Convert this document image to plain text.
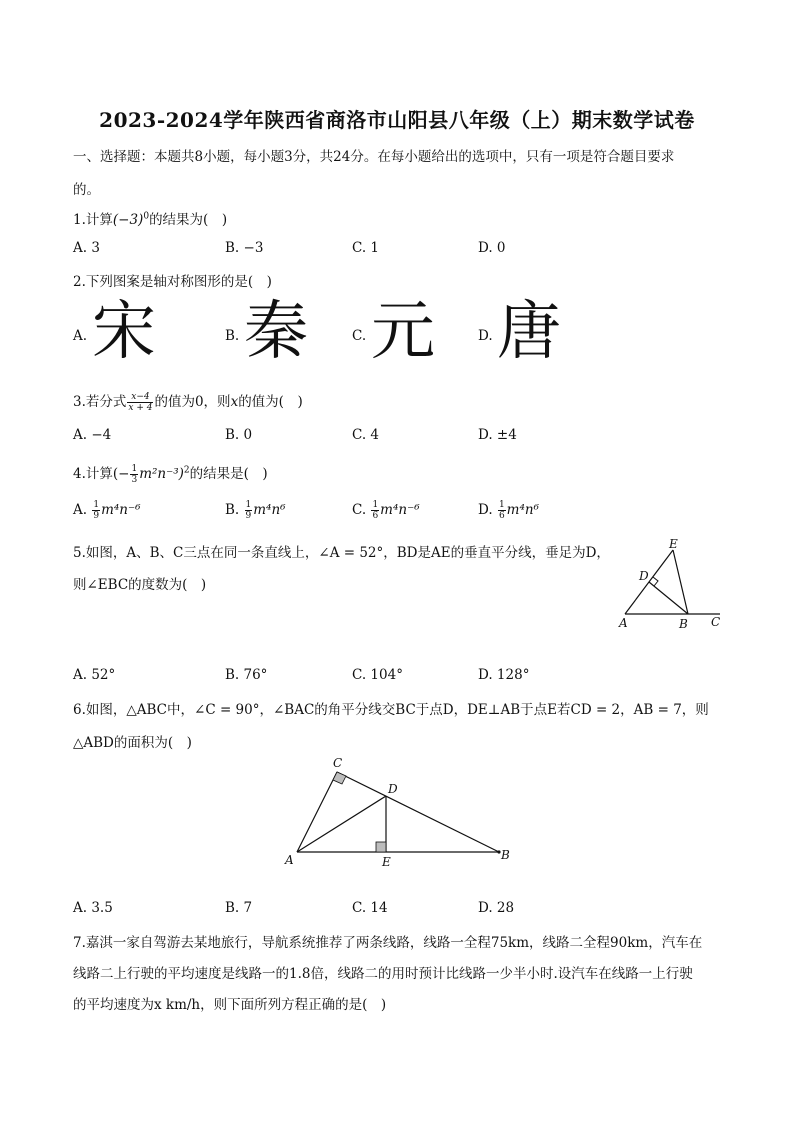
2023-2024学年陕西省商洛市山阳县八年级（上）期末数学试卷
一、选择题：本题共8小题，每小题3分，共24分。在每小题给出的选项中，只有一项是符合题目要求
的。
1.计算$(-3)^0$的结果为(　)
A. 3	B. −3	C. 1	D. 0
2.下列图案是轴对称图形的是(　)
A. 宋	B. 秦	C. 元	D. 唐
3.若分式 $\frac{x-4}{x + 4}$ 的值为0，则x的值为(　)
A. −4	B. 0	C. 4	D. ±4
4.计算(− $\frac{1}{3} m^2n^{-3})^2$的结果是(　)
A. $\frac{1}{9} m^4n^{-6}$	B. $\frac{1}{9} m^4n^6$	C. $\frac{1}{6} m^4n^{-6}$	D. $\frac{1}{6} m^4n^6$
5.如图，A、B、C三点在同一条直线上，∠A = 52°，BD是AE的垂直平分线，垂足为D，
则∠EBC的度数为(　)
E
D
A	B C
A. 52°	B. 76°	C. 104°	D. 128°
6.如图，△ABC中，∠C = 90°，∠BAC的角平分线交BC于点D，DE⊥AB于点E若CD = 2，AB = 7，则
△ABD的面积为(　)
C
D
A	E	B
A. 3.5	B. 7	C. 14	D. 28
7.嘉淇一家自驾游去某地旅行，导航系统推荐了两条线路，线路一全程75km，线路二全程90km，汽车在
线路二上行驶的平均速度是线路一的1.8倍，线路二的用时预计比线路一少半小时.设汽车在线路一上行驶
的平均速度为x km/h，则下面所列方程正确的是(　)
